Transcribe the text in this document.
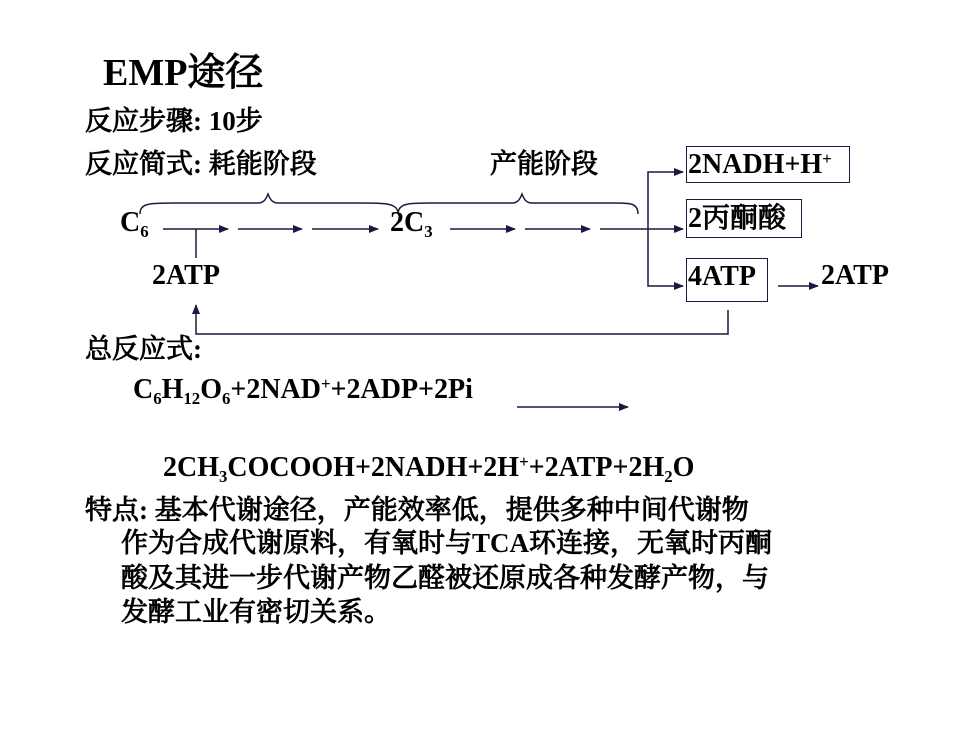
EMP途径
反应步骤: 10步
反应简式: 耗能阶段	产能阶段
$C_6$	$2C_3$
2ATP
2NADH+H+
2丙酮酸
4ATP 2ATP
总反应式:
$C_6H_{12}O_6+2NAD^++2ADP+2Pi$
$2CH_3COCOOH+2NADH+2H^++2ATP+2H_2O$
特点: 基本代谢途径，产能效率低，提供多种中间代谢物
作为合成代谢原料，有氧时与TCA环连接，无氧时丙酮
酸及其进一步代谢产物乙醛被还原成各种发酵产物，与
发酵工业有密切关系。
